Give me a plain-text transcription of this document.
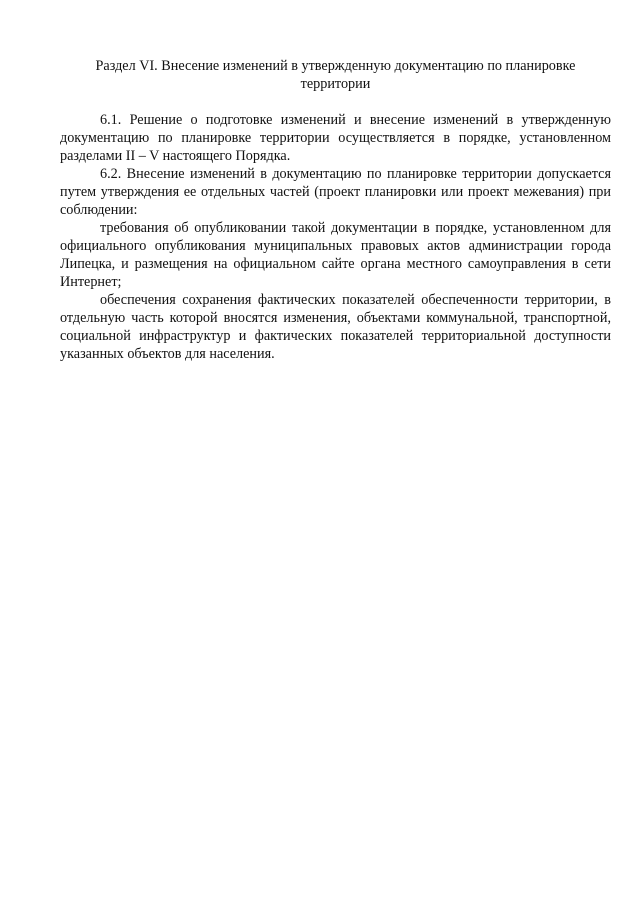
Раздел VI. Внесение изменений в утвержденную документацию по планировке территории

6.1. Решение о подготовке изменений и внесение изменений в утвержденную документацию по планировке территории осуществляется в порядке, установленном разделами II – V настоящего Порядка.

6.2. Внесение изменений в документацию по планировке территории допускается путем утверждения ее отдельных частей (проект планировки или проект межевания) при соблюдении:

требования об опубликовании такой документации в порядке, установленном для официального опубликования муниципальных правовых актов администрации города Липецка, и размещения на официальном сайте органа местного самоуправления в сети Интернет;

обеспечения сохранения фактических показателей обеспеченности территории, в отдельную часть которой вносятся изменения, объектами коммунальной, транспортной, социальной инфраструктур и фактических показателей территориальной доступности указанных объектов для населения.
